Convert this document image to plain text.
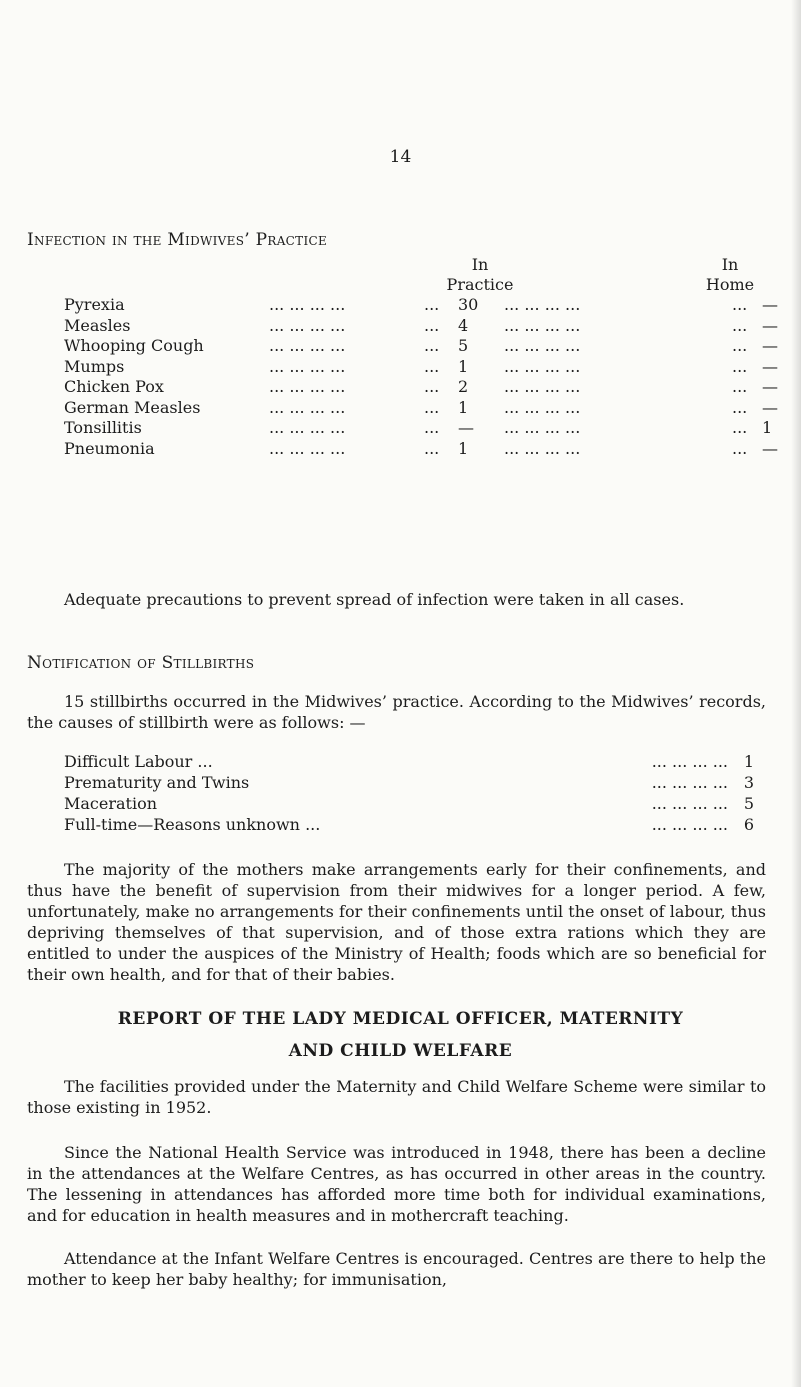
14
Infection in the Midwives’ Practice
In
Practice
In
Home
Pyrexia	... ... ... ...	... 30 ... ... ... ...	... —
Measles	... ... ... ...	... 4 ... ... ... ...	... —
Whooping Cough	... ... ... ...	... 5 ... ... ... ...	... —
Mumps	... ... ... ...	... 1 ... ... ... ...	... —
Chicken Pox	... ... ... ...	... 2 ... ... ... ...	... —
German Measles	... ... ... ...	... 1 ... ... ... ...	... —
Tonsillitis	... ... ... ...	... — ... ... ... ...	... 1
Pneumonia	... ... ... ...	... 1 ... ... ... ...	... —
Adequate precautions to prevent spread of infection were taken in all cases.
Notification of Stillbirths
15 stillbirths occurred in the Midwives’ practice. According to the Midwives’ records, the causes of stillbirth were as follows: —
Difficult Labour ...	... ... ... ... 1
Prematurity and Twins	... ... ... ... 3
Maceration	... ... ... ... 5
Full-time—Reasons unknown ...	... ... ... ... 6
The majority of the mothers make arrangements early for their confinements, and thus have the benefit of supervision from their midwives for a longer period. A few, unfortunately, make no arrangements for their confinements until the onset of labour, thus depriving themselves of that supervision, and of those extra rations which they are entitled to under the auspices of the Ministry of Health; foods which are so beneficial for their own health, and for that of their babies.
REPORT OF THE LADY MEDICAL OFFICER, MATERNITY
AND CHILD WELFARE
The facilities provided under the Maternity and Child Welfare Scheme were similar to those existing in 1952.
Since the National Health Service was introduced in 1948, there has been a decline in the attendances at the Welfare Centres, as has occurred in other areas in the country. The lessening in attendances has afforded more time both for individual examinations, and for education in health measures and in mothercraft teaching.
Attendance at the Infant Welfare Centres is encouraged. Centres are there to help the mother to keep her baby healthy; for immunisation,
